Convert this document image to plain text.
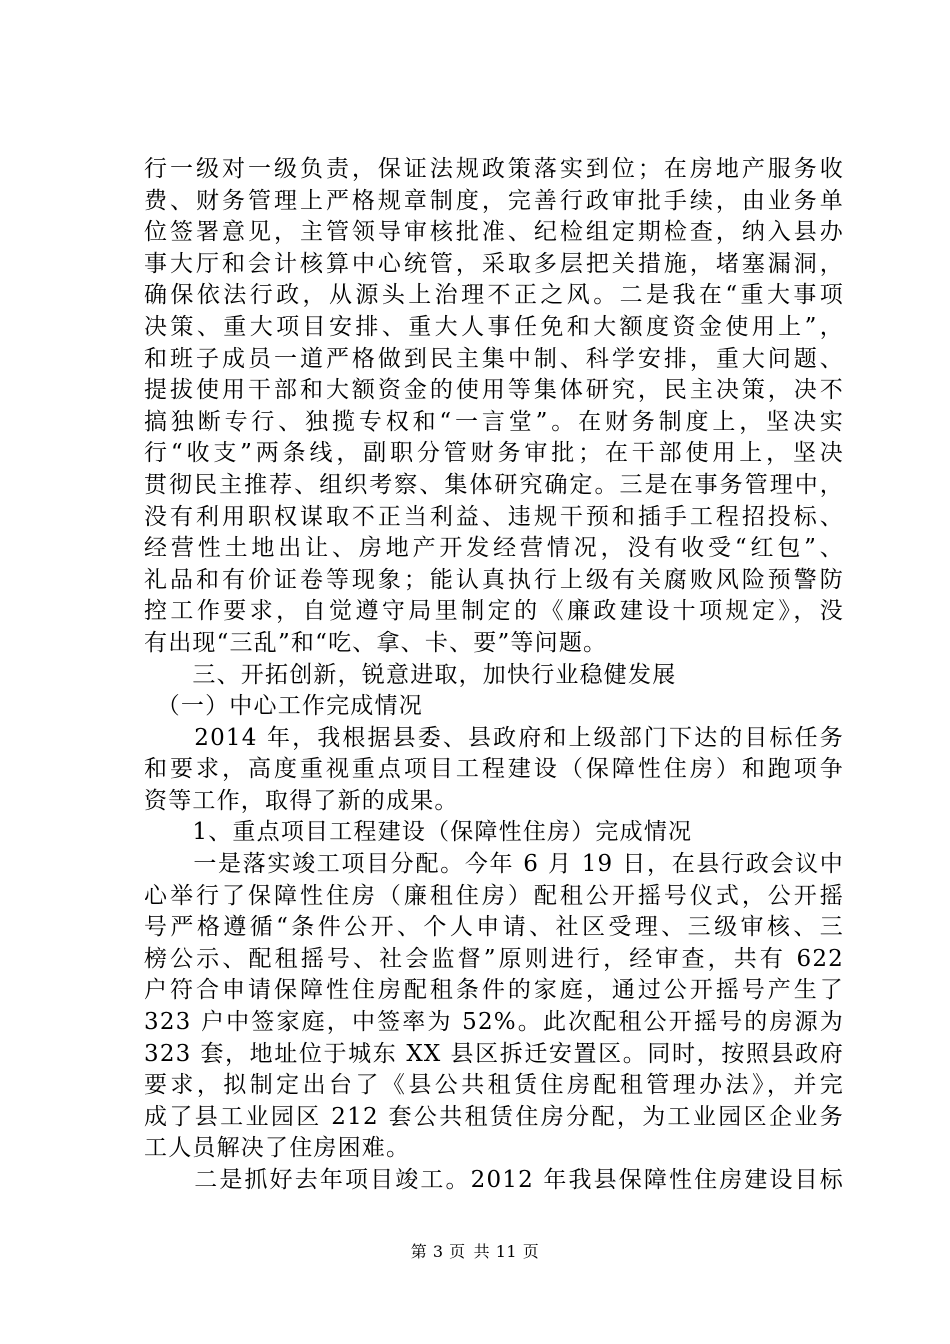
行一级对一级负责，保证法规政策落实到位；在房地产服务收
费、财务管理上严格规章制度，完善行政审批手续，由业务单
位签署意见，主管领导审核批准、纪检组定期检查，纳入县办
事大厅和会计核算中心统管，采取多层把关措施，堵塞漏洞，
确保依法行政，从源头上治理不正之风。二是我在“重大事项
决策、重大项目安排、重大人事任免和大额度资金使用上”，
和班子成员一道严格做到民主集中制、科学安排，重大问题、
提拔使用干部和大额资金的使用等集体研究，民主决策，决不
搞独断专行、独揽专权和“一言堂”。在财务制度上，坚决实
行“收支”两条线，副职分管财务审批；在干部使用上，坚决
贯彻民主推荐、组织考察、集体研究确定。三是在事务管理中，
没有利用职权谋取不正当利益、违规干预和插手工程招投标、
经营性土地出让、房地产开发经营情况，没有收受“红包”、
礼品和有价证卷等现象；能认真执行上级有关腐败风险预警防
控工作要求，自觉遵守局里制定的《廉政建设十项规定》，没
有出现“三乱”和“吃、拿、卡、要”等问题。
　　三、开拓创新，锐意进取，加快行业稳健发展
　（一）中心工作完成情况
　　2014 年，我根据县委、县政府和上级部门下达的目标任务
和要求，高度重视重点项目工程建设（保障性住房）和跑项争
资等工作，取得了新的成果。
　　1、重点项目工程建设（保障性住房）完成情况
　　一是落实竣工项目分配。今年 6 月 19 日，在县行政会议中
心举行了保障性住房（廉租住房）配租公开摇号仪式，公开摇
号严格遵循“条件公开、个人申请、社区受理、三级审核、三
榜公示、配租摇号、社会监督”原则进行，经审查，共有 622
户符合申请保障性住房配租条件的家庭，通过公开摇号产生了
323 户中签家庭，中签率为 52%。此次配租公开摇号的房源为
323 套，地址位于城东 XX 县区拆迁安置区。同时，按照县政府
要求，拟制定出台了《县公共租赁住房配租管理办法》，并完
成了县工业园区 212 套公共租赁住房分配，为工业园区企业务
工人员解决了住房困难。
　　二是抓好去年项目竣工。2012 年我县保障性住房建设目标
第 3 页 共 11 页
